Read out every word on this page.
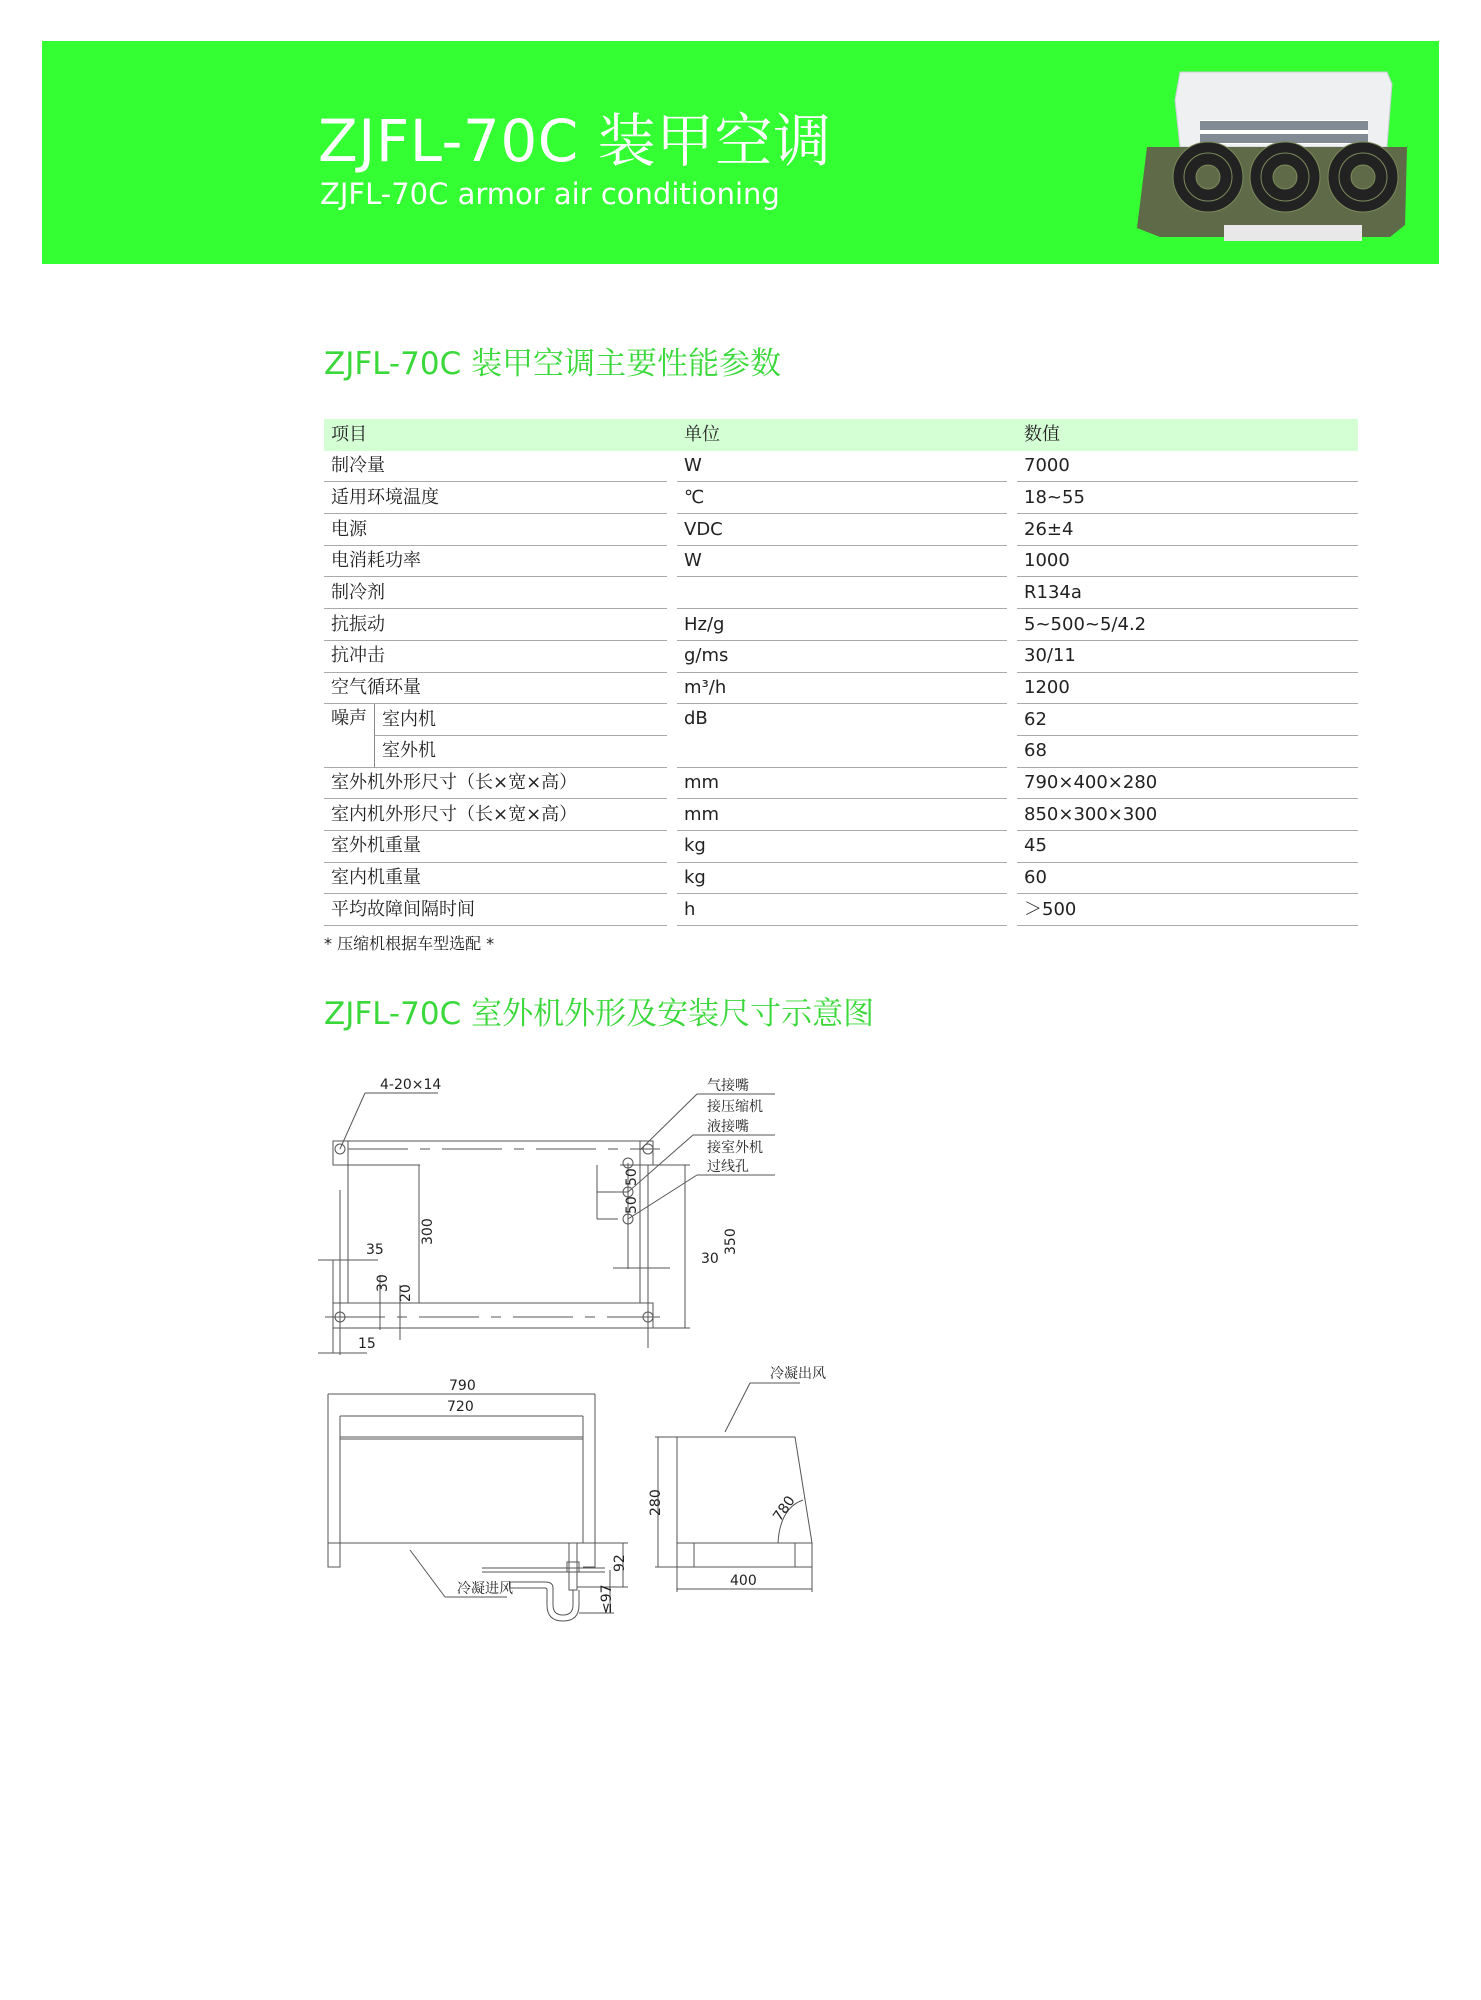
ZJFL-70C 装甲空调
ZJFL-70C armor air conditioning
ZJFL-70C 装甲空调主要性能参数
项目			单位		数值
制冷量			W		7000
适用环境温度			℃		18~55
电源			VDC		26±4
电消耗功率			W		1000
制冷剂					R134a
抗振动			Hz/g		5~500~5/4.2
抗冲击			g/ms		30/11
空气循环量			m³/h		1200
噪声	室内机		dB		62
	室外机				68
室外机外形尺寸（长×宽×高）			mm		790×400×280
室内机外形尺寸（长×宽×高）			mm		850×300×300
室外机重量			kg		45
室内机重量			kg		60
平均故障间隔时间			h		＞500
* 压缩机根据车型选配 *
ZJFL-70C 室外机外形及安装尺寸示意图
4-20×14	气接嘴
接压缩机
液接嘴
接室外机
过线孔
300	350
50
50
30
35
30
20
15
790
720
92
≤97
冷凝进风
280
400
780
冷凝出风
